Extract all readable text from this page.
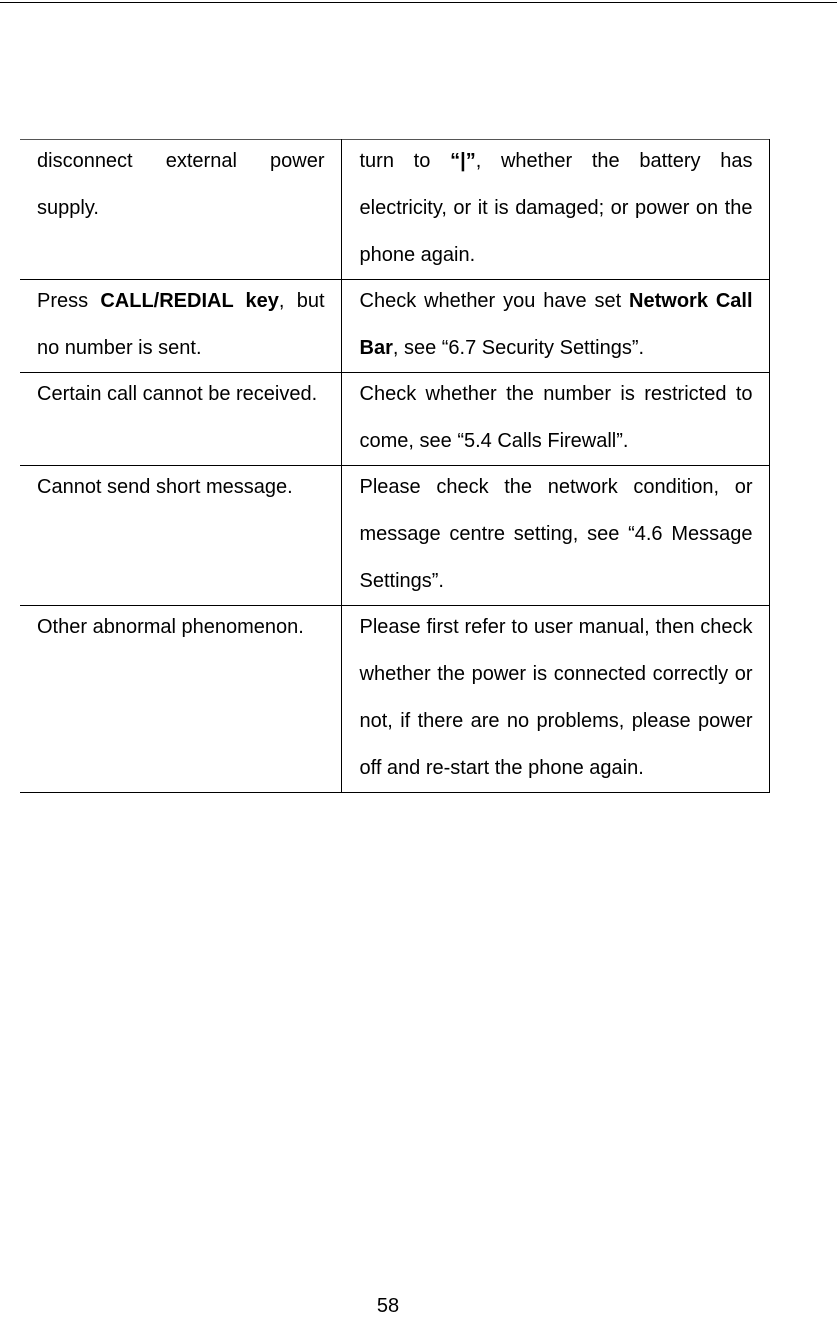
disconnect external power supply.	turn to “|”, whether the battery has electricity, or it is damaged; or power on the phone again.

Press CALL/REDIAL key, but no number is sent.	Check whether you have set Network Call Bar, see “6.7 Security Settings”.

Certain call cannot be received.	Check whether the number is restricted to come, see “5.4 Calls Firewall”.

Cannot send short message.	Please check the network condition, or message centre setting, see “4.6 Message Settings”.

Other abnormal phenomenon.	Please first refer to user manual, then check whether the power is connected correctly or not, if there are no problems, please power off and re-start the phone again.
58
